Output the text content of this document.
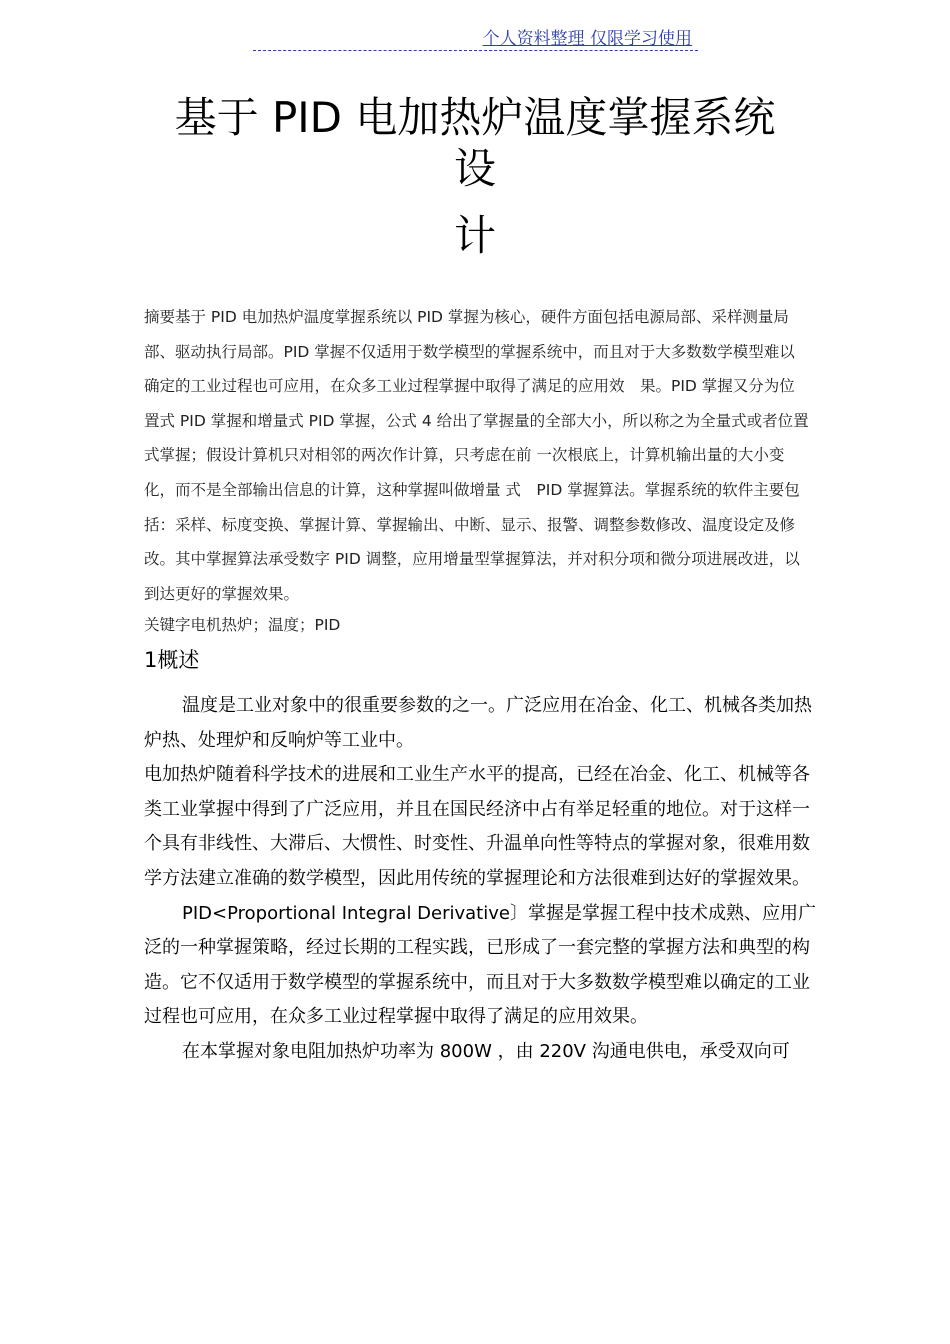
个人资料整理 仅限学习使用
基于 PID 电加热炉温度掌握系统
设
计

摘要基于 PID 电加热炉温度掌握系统以 PID 掌握为核心，硬件方面包括电源局部、采样测量局部、驱动执行局部。PID 掌握不仅适用于数学模型的掌握系统中，而且对于大多数数学模型难以确定的工业过程也可应用，在众多工业过程掌握中取得了满足的应用效　果。PID 掌握又分为位置式 PID 掌握和增量式 PID 掌握，公式 4 给出了掌握量的全部大小，所以称之为全量式或者位置式掌握；假设计算机只对相邻的两次作计算，只考虑在前 一次根底上，计算机输出量的大小变化，而不是全部输出信息的计算，这种掌握叫做增量 式　PID 掌握算法。掌握系统的软件主要包括：采样、标度变换、掌握计算、掌握输出、中断、显示、报警、调整参数修改、温度设定及修改。其中掌握算法承受数字 PID 调整，应用增量型掌握算法，并对积分项和微分项进展改进，以到达更好的掌握效果。

关键字电机热炉；温度；PID
1概述

温度是工业对象中的很重要参数的之一。广泛应用在冶金、化工、机械各类加热炉热、处理炉和反响炉等工业中。

电加热炉随着科学技术的进展和工业生产水平的提高，已经在冶金、化工、机械等各类工业掌握中得到了广泛应用，并且在国民经济中占有举足轻重的地位。对于这样一个具有非线性、大滞后、大惯性、时变性、升温单向性等特点的掌握对象，很难用数学方法建立准确的数学模型，因此用传统的掌握理论和方法很难到达好的掌握效果。

PID<Proportional Integral Derivative〕掌握是掌握工程中技术成熟、应用广泛的一种掌握策略，经过长期的工程实践，已形成了一套完整的掌握方法和典型的构造。它不仅适用于数学模型的掌握系统中，而且对于大多数数学模型难以确定的工业过程也可应用，在众多工业过程掌握中取得了满足的应用效果。

在本掌握对象电阻加热炉功率为 800W ，由 220V 沟通电供电，承受双向可
